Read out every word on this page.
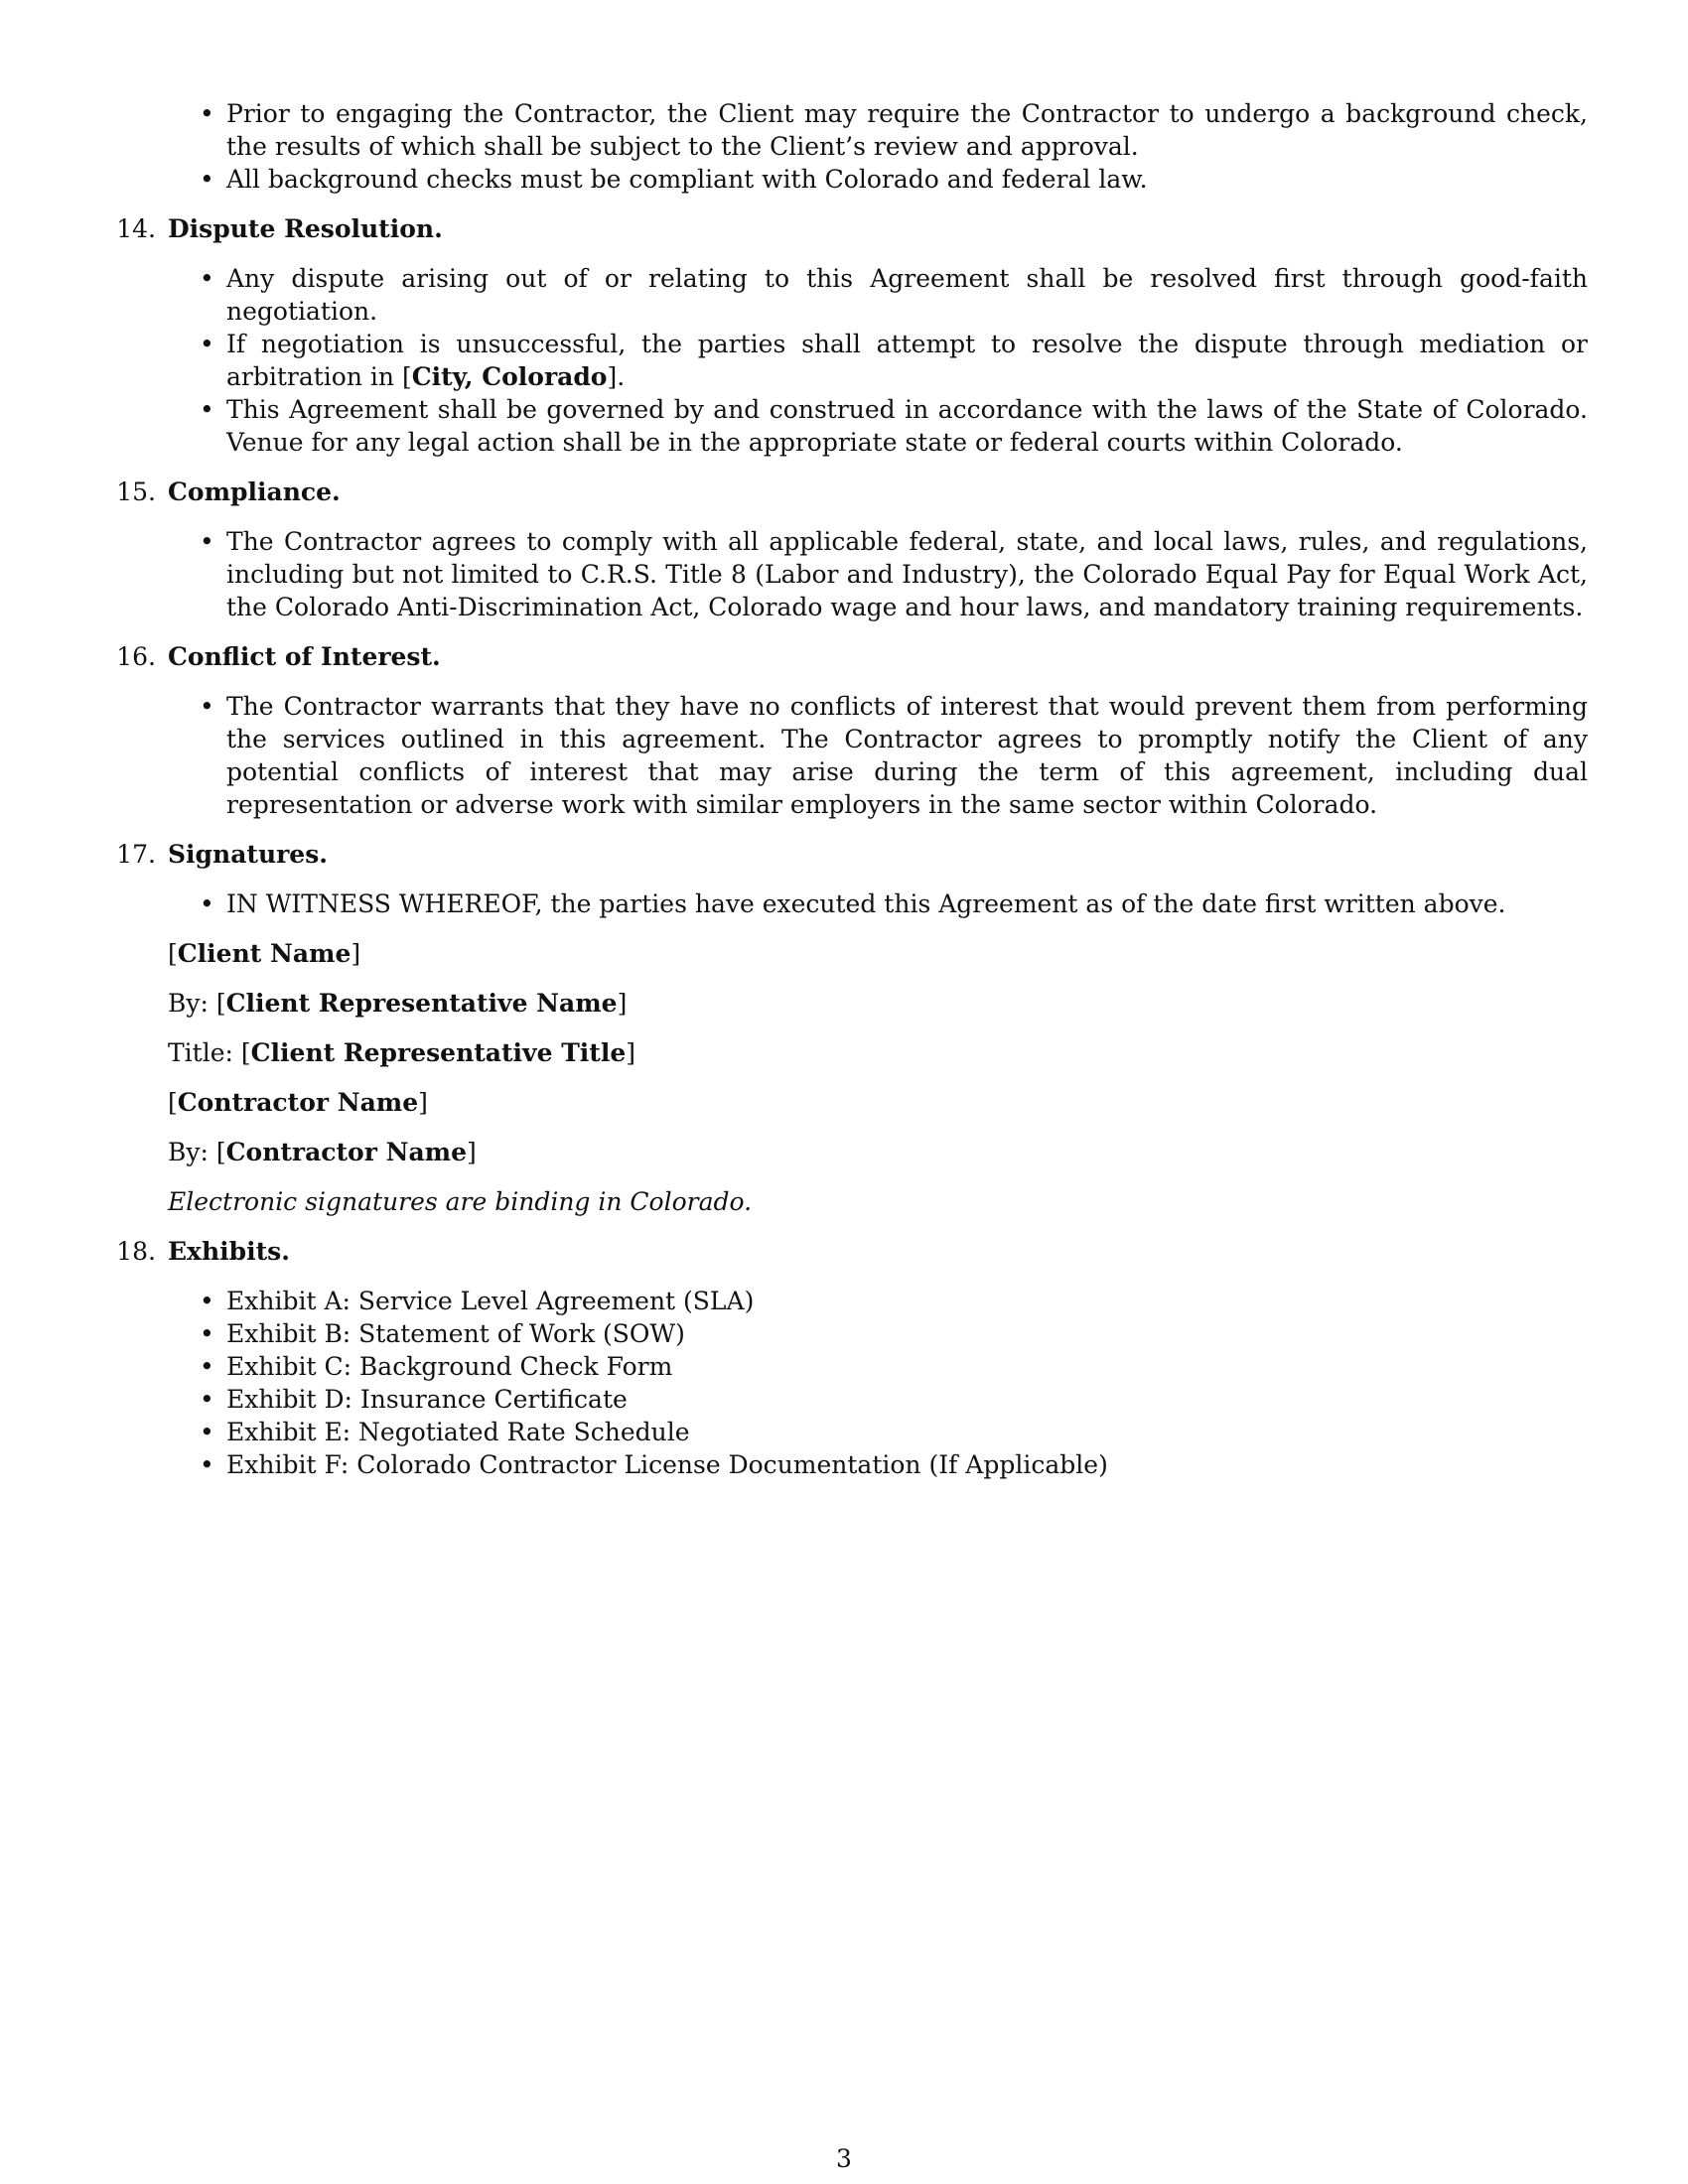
• Prior to engaging the Contractor, the Client may require the Contractor to undergo a background check, the results of which shall be subject to the Client’s review and approval.
• All background checks must be compliant with Colorado and federal law.
14. Dispute Resolution.
• Any dispute arising out of or relating to this Agreement shall be resolved first through good-faith negotiation.
• If negotiation is unsuccessful, the parties shall attempt to resolve the dispute through mediation or arbitration in [City, Colorado].
• This Agreement shall be governed by and construed in accordance with the laws of the State of Colorado. Venue for any legal action shall be in the appropriate state or federal courts within Colorado.
15. Compliance.
• The Contractor agrees to comply with all applicable federal, state, and local laws, rules, and regulations, including but not limited to C.R.S. Title 8 (Labor and Industry), the Colorado Equal Pay for Equal Work Act, the Colorado Anti-Discrimination Act, Colorado wage and hour laws, and mandatory training requirements.
16. Conflict of Interest.
• The Contractor warrants that they have no conflicts of interest that would prevent them from performing the services outlined in this agreement. The Contractor agrees to promptly notify the Client of any potential conflicts of interest that may arise during the term of this agreement, including dual representation or adverse work with similar employers in the same sector within Colorado.
17. Signatures.
• IN WITNESS WHEREOF, the parties have executed this Agreement as of the date first written above.
[Client Name]
By: [Client Representative Name]
Title: [Client Representative Title]
[Contractor Name]
By: [Contractor Name]
Electronic signatures are binding in Colorado.
18. Exhibits.
• Exhibit A: Service Level Agreement (SLA)
• Exhibit B: Statement of Work (SOW)
• Exhibit C: Background Check Form
• Exhibit D: Insurance Certificate
• Exhibit E: Negotiated Rate Schedule
• Exhibit F: Colorado Contractor License Documentation (If Applicable)
3
